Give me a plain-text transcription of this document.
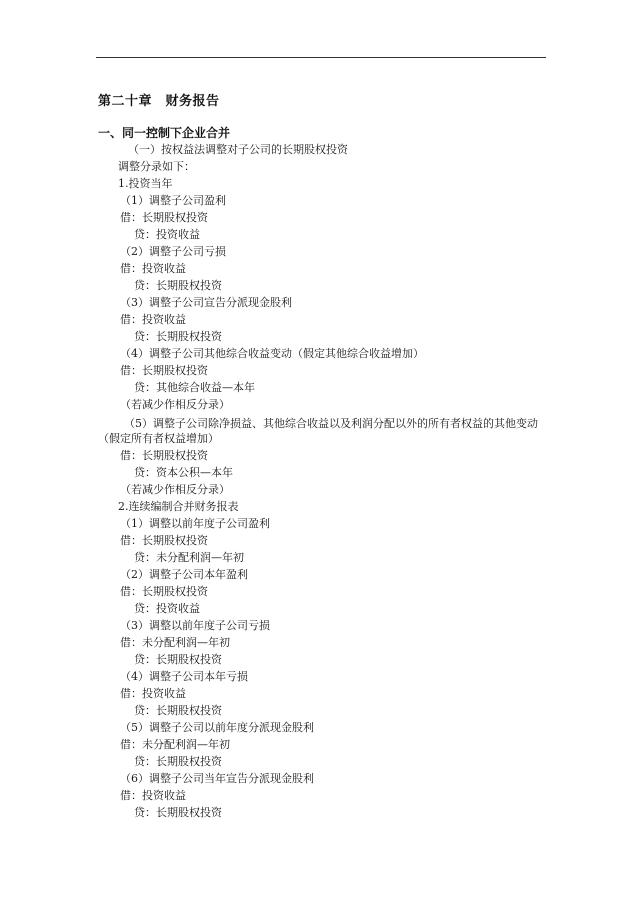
第二十章　财务报告
一、同一控制下企业合并
（一）按权益法调整对子公司的长期股权投资
调整分录如下：
1.投资当年
（1）调整子公司盈利
借：长期股权投资
贷：投资收益
（2）调整子公司亏损
借：投资收益
贷：长期股权投资
（3）调整子公司宣告分派现金股利
借：投资收益
贷：长期股权投资
（4）调整子公司其他综合收益变动（假定其他综合收益增加）
借：长期股权投资
贷：其他综合收益—本年
（若减少作相反分录）
（5）调整子公司除净损益、其他综合收益以及利润分配以外的所有者权益的其他变动
（假定所有者权益增加）
借：长期股权投资
贷：资本公积—本年
（若减少作相反分录）
2.连续编制合并财务报表
（1）调整以前年度子公司盈利
借：长期股权投资
贷：未分配利润—年初
（2）调整子公司本年盈利
借：长期股权投资
贷：投资收益
（3）调整以前年度子公司亏损
借：未分配利润—年初
贷：长期股权投资
（4）调整子公司本年亏损
借：投资收益
贷：长期股权投资
（5）调整子公司以前年度分派现金股利
借：未分配利润—年初
贷：长期股权投资
（6）调整子公司当年宣告分派现金股利
借：投资收益
贷：长期股权投资
